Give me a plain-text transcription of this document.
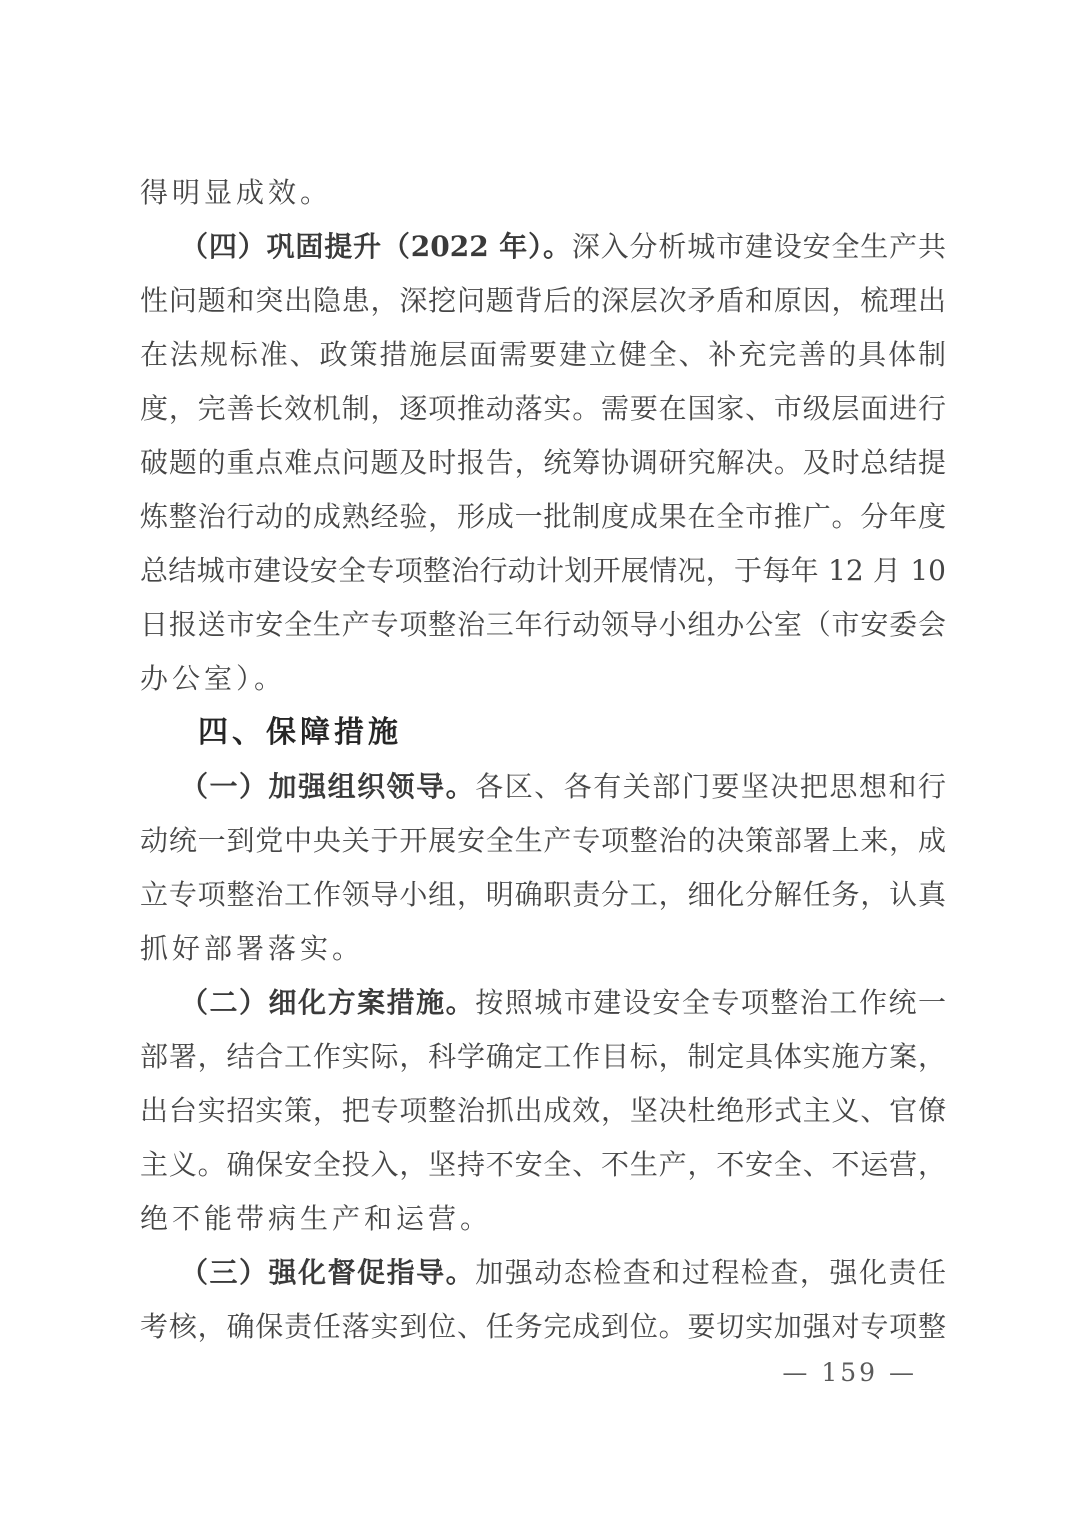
得明显成效。
（四）巩固提升（2022 年）。深入分析城市建设安全生产共
性问题和突出隐患，深挖问题背后的深层次矛盾和原因，梳理出
在法规标准、政策措施层面需要建立健全、补充完善的具体制
度，完善长效机制，逐项推动落实。需要在国家、市级层面进行
破题的重点难点问题及时报告，统筹协调研究解决。及时总结提
炼整治行动的成熟经验，形成一批制度成果在全市推广。分年度
总结城市建设安全专项整治行动计划开展情况，于每年 12 月 10
日报送市安全生产专项整治三年行动领导小组办公室（市安委会
办公室）。
四、保障措施
（一）加强组织领导。各区、各有关部门要坚决把思想和行
动统一到党中央关于开展安全生产专项整治的决策部署上来，成
立专项整治工作领导小组，明确职责分工，细化分解任务，认真
抓好部署落实。
（二）细化方案措施。按照城市建设安全专项整治工作统一
部署，结合工作实际，科学确定工作目标，制定具体实施方案，
出台实招实策，把专项整治抓出成效，坚决杜绝形式主义、官僚
主义。确保安全投入，坚持不安全、不生产，不安全、不运营，
绝不能带病生产和运营。
（三）强化督促指导。加强动态检查和过程检查，强化责任
考核，确保责任落实到位、任务完成到位。要切实加强对专项整
— 159 —
